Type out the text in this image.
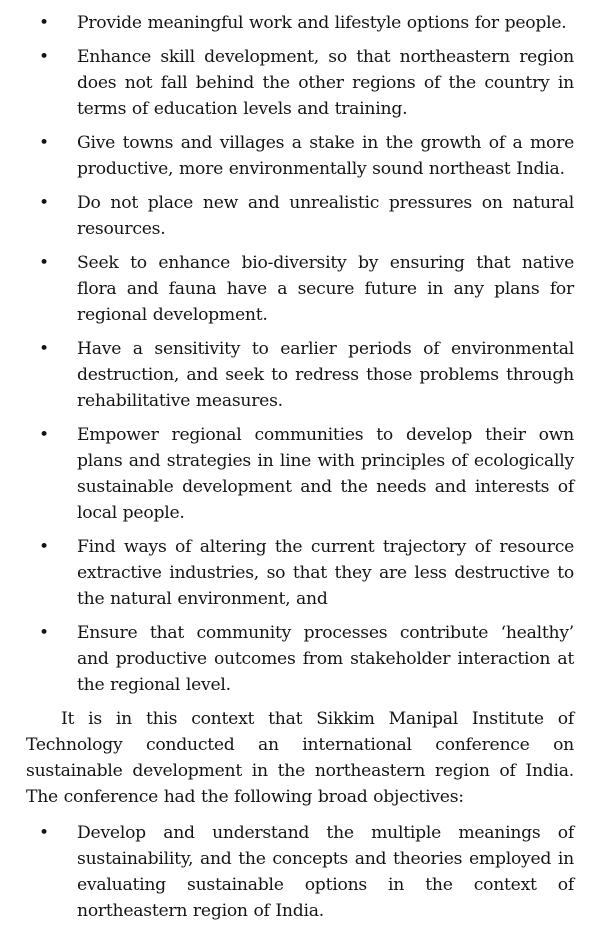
•
Provide meaningful work and lifestyle options for people.
•
Enhance skill development, so that northeastern region does not fall behind the other regions of the country in terms of education levels and training.
•
Give towns and villages a stake in the growth of a more productive, more environmentally sound northeast India.
•
Do not place new and unrealistic pressures on natural resources.
•
Seek to enhance bio-diversity by ensuring that native flora and fauna have a secure future in any plans for regional development.
•
Have a sensitivity to earlier periods of environmental destruction, and seek to redress those problems through rehabilitative measures.
•
Empower regional communities to develop their own plans and strategies in line with principles of ecologically sustainable development and the needs and interests of local people.
•
Find ways of altering the current trajectory of resource extractive industries, so that they are less destructive to the natural environment, and
•
Ensure that community processes contribute ‘healthy’ and productive outcomes from stakeholder interaction at the regional level.

It is in this context that Sikkim Manipal Institute of Technology conducted an international conference on sustainable development in the northeastern region of India. The conference had the following broad objectives:

•
Develop and understand the multiple meanings of sustainability, and the concepts and theories employed in evaluating sustainable options in the context of northeastern region of India.
